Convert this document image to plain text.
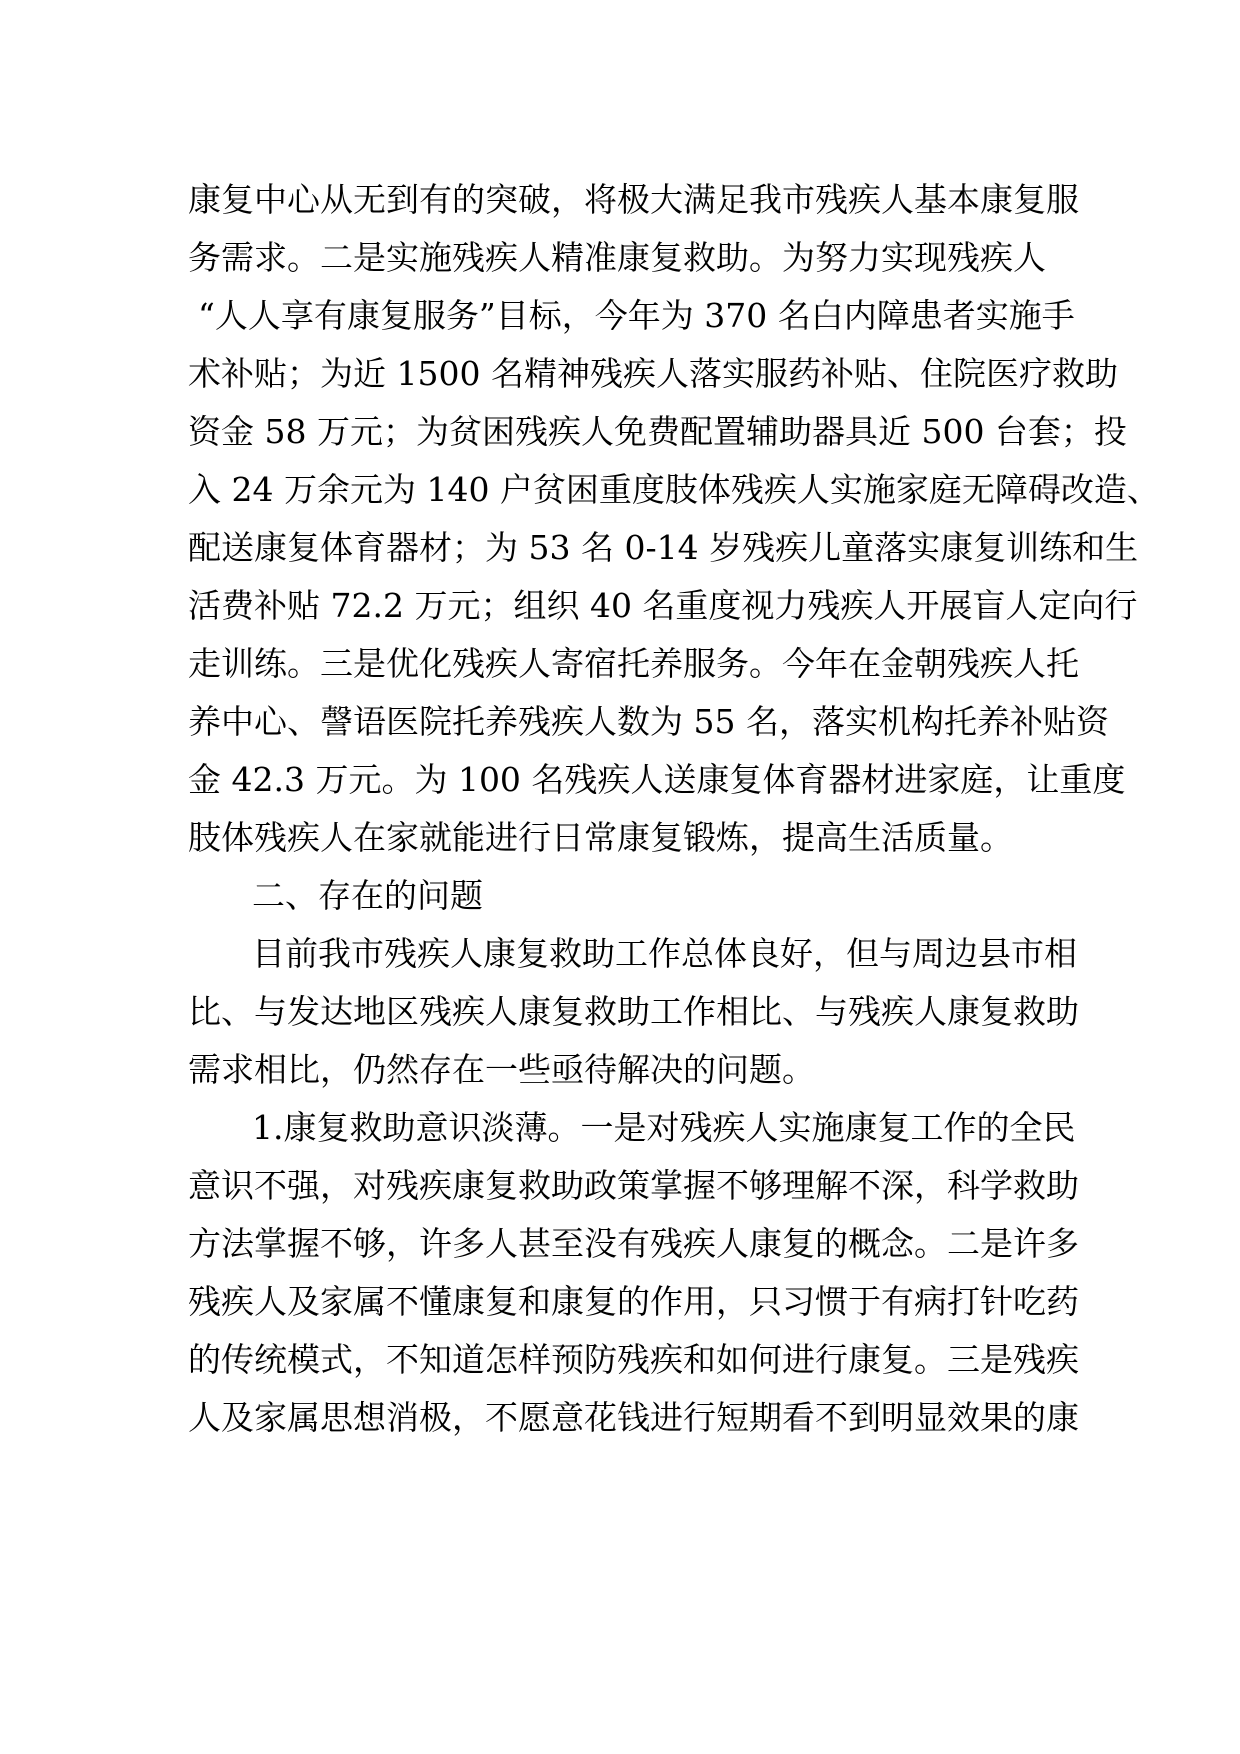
康复中心从无到有的突破，将极大满足我市残疾人基本康复服
务需求。二是实施残疾人精准康复救助。为努力实现残疾人
“人人享有康复服务”目标，今年为 370 名白内障患者实施手
术补贴；为近 1500 名精神残疾人落实服药补贴、住院医疗救助
资金 58 万元；为贫困残疾人免费配置辅助器具近 500 台套；投
入 24 万余元为 140 户贫困重度肢体残疾人实施家庭无障碍改造、
配送康复体育器材；为 53 名 0-14 岁残疾儿童落实康复训练和生
活费补贴 72.2 万元；组织 40 名重度视力残疾人开展盲人定向行
走训练。三是优化残疾人寄宿托养服务。今年在金朝残疾人托
养中心、謦语医院托养残疾人数为 55 名，落实机构托养补贴资
金 42.3 万元。为 100 名残疾人送康复体育器材进家庭，让重度
肢体残疾人在家就能进行日常康复锻炼，提高生活质量。
二、存在的问题
目前我市残疾人康复救助工作总体良好，但与周边县市相
比、与发达地区残疾人康复救助工作相比、与残疾人康复救助
需求相比，仍然存在一些亟待解决的问题。
1.康复救助意识淡薄。一是对残疾人实施康复工作的全民
意识不强，对残疾康复救助政策掌握不够理解不深，科学救助
方法掌握不够，许多人甚至没有残疾人康复的概念。二是许多
残疾人及家属不懂康复和康复的作用，只习惯于有病打针吃药
的传统模式，不知道怎样预防残疾和如何进行康复。三是残疾
人及家属思想消极，不愿意花钱进行短期看不到明显效果的康
